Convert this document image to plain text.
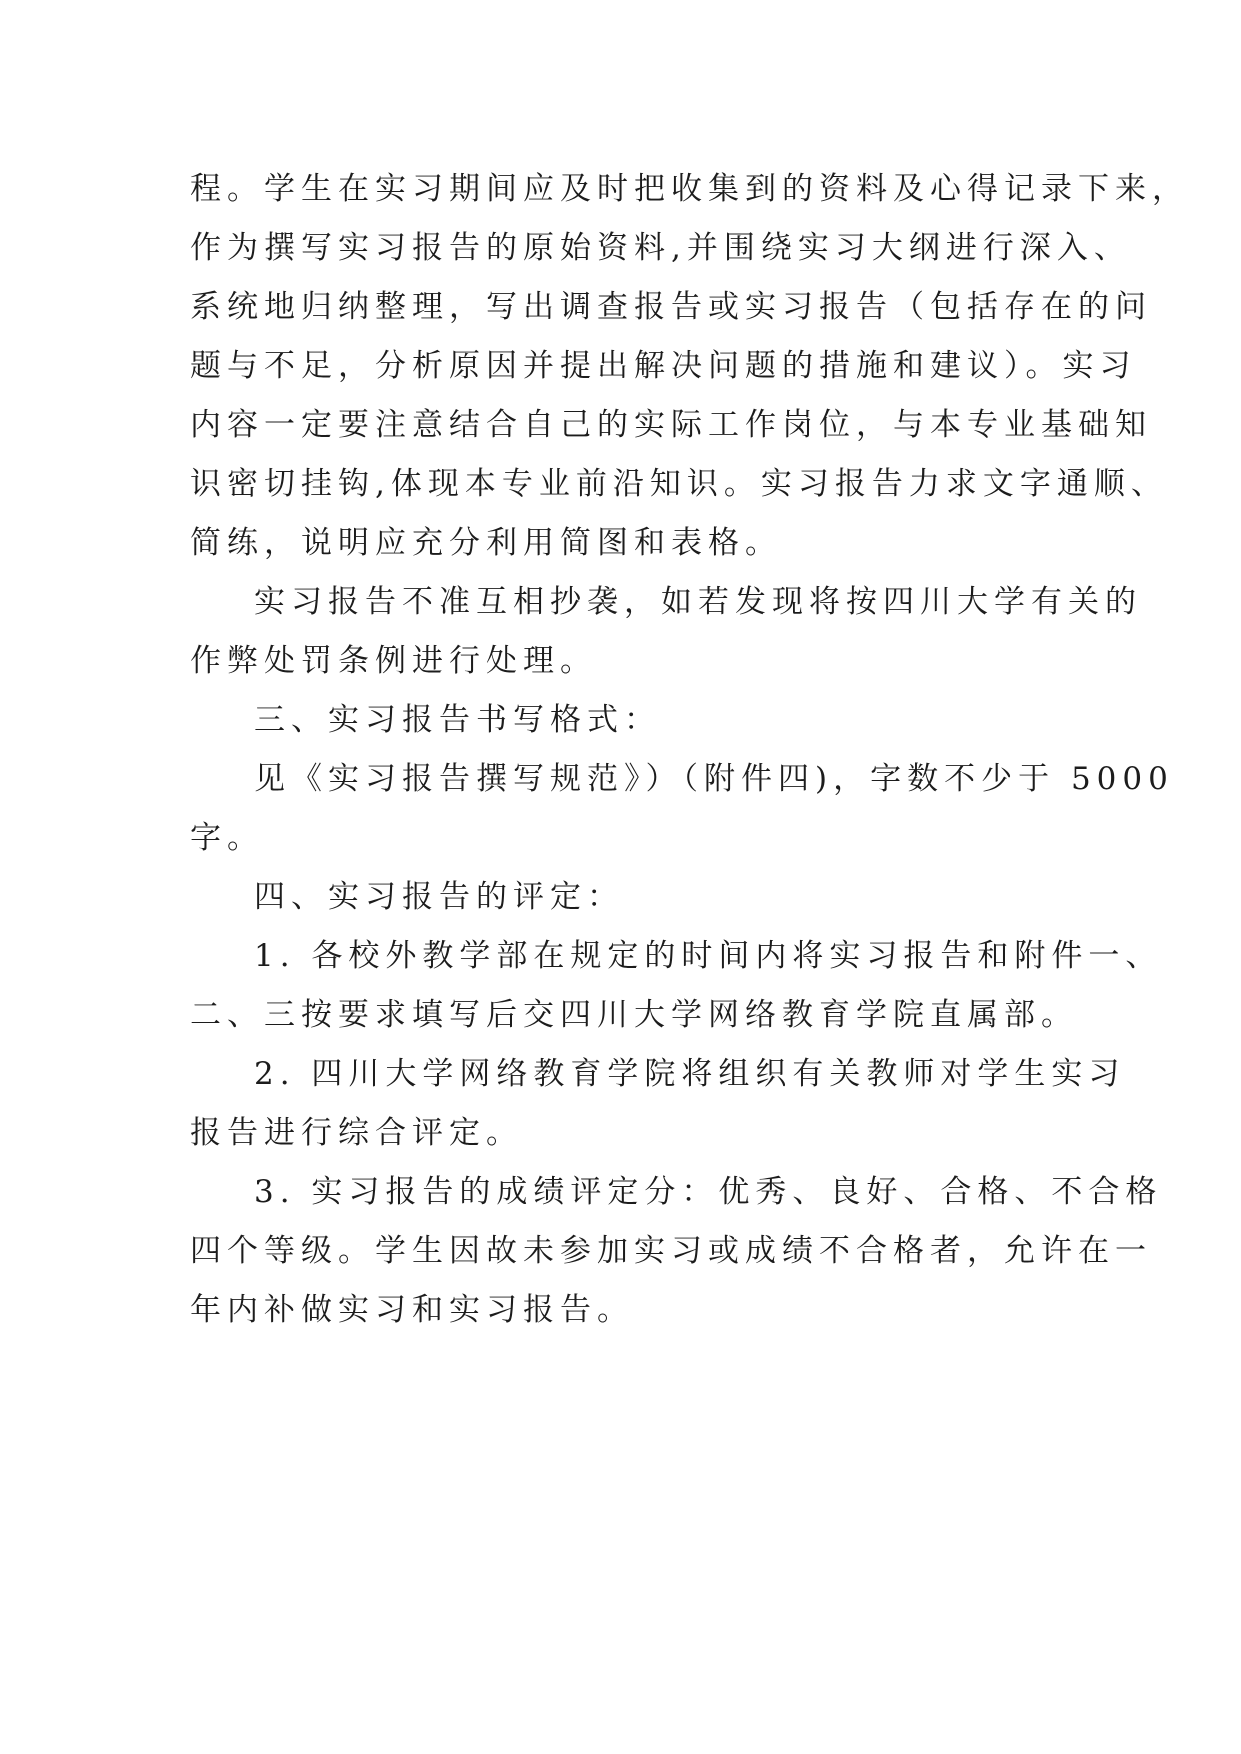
程。学生在实习期间应及时把收集到的资料及心得记录下来，
作为撰写实习报告的原始资料,并围绕实习大纲进行深入、
系统地归纳整理，写出调查报告或实习报告（包括存在的问
题与不足，分析原因并提出解决问题的措施和建议）。实习
内容一定要注意结合自己的实际工作岗位，与本专业基础知
识密切挂钩,体现本专业前沿知识。实习报告力求文字通顺、
简练，说明应充分利用简图和表格。
实习报告不准互相抄袭，如若发现将按四川大学有关的
作弊处罚条例进行处理。
三、实习报告书写格式：
见《实习报告撰写规范》）（附件四)，字数不少于 5000
字。
四、实习报告的评定：
1. 各校外教学部在规定的时间内将实习报告和附件一、
二、三按要求填写后交四川大学网络教育学院直属部。
2. 四川大学网络教育学院将组织有关教师对学生实习
报告进行综合评定。
3. 实习报告的成绩评定分：优秀、良好、合格、不合格
四个等级。学生因故未参加实习或成绩不合格者，允许在一
年内补做实习和实习报告。
